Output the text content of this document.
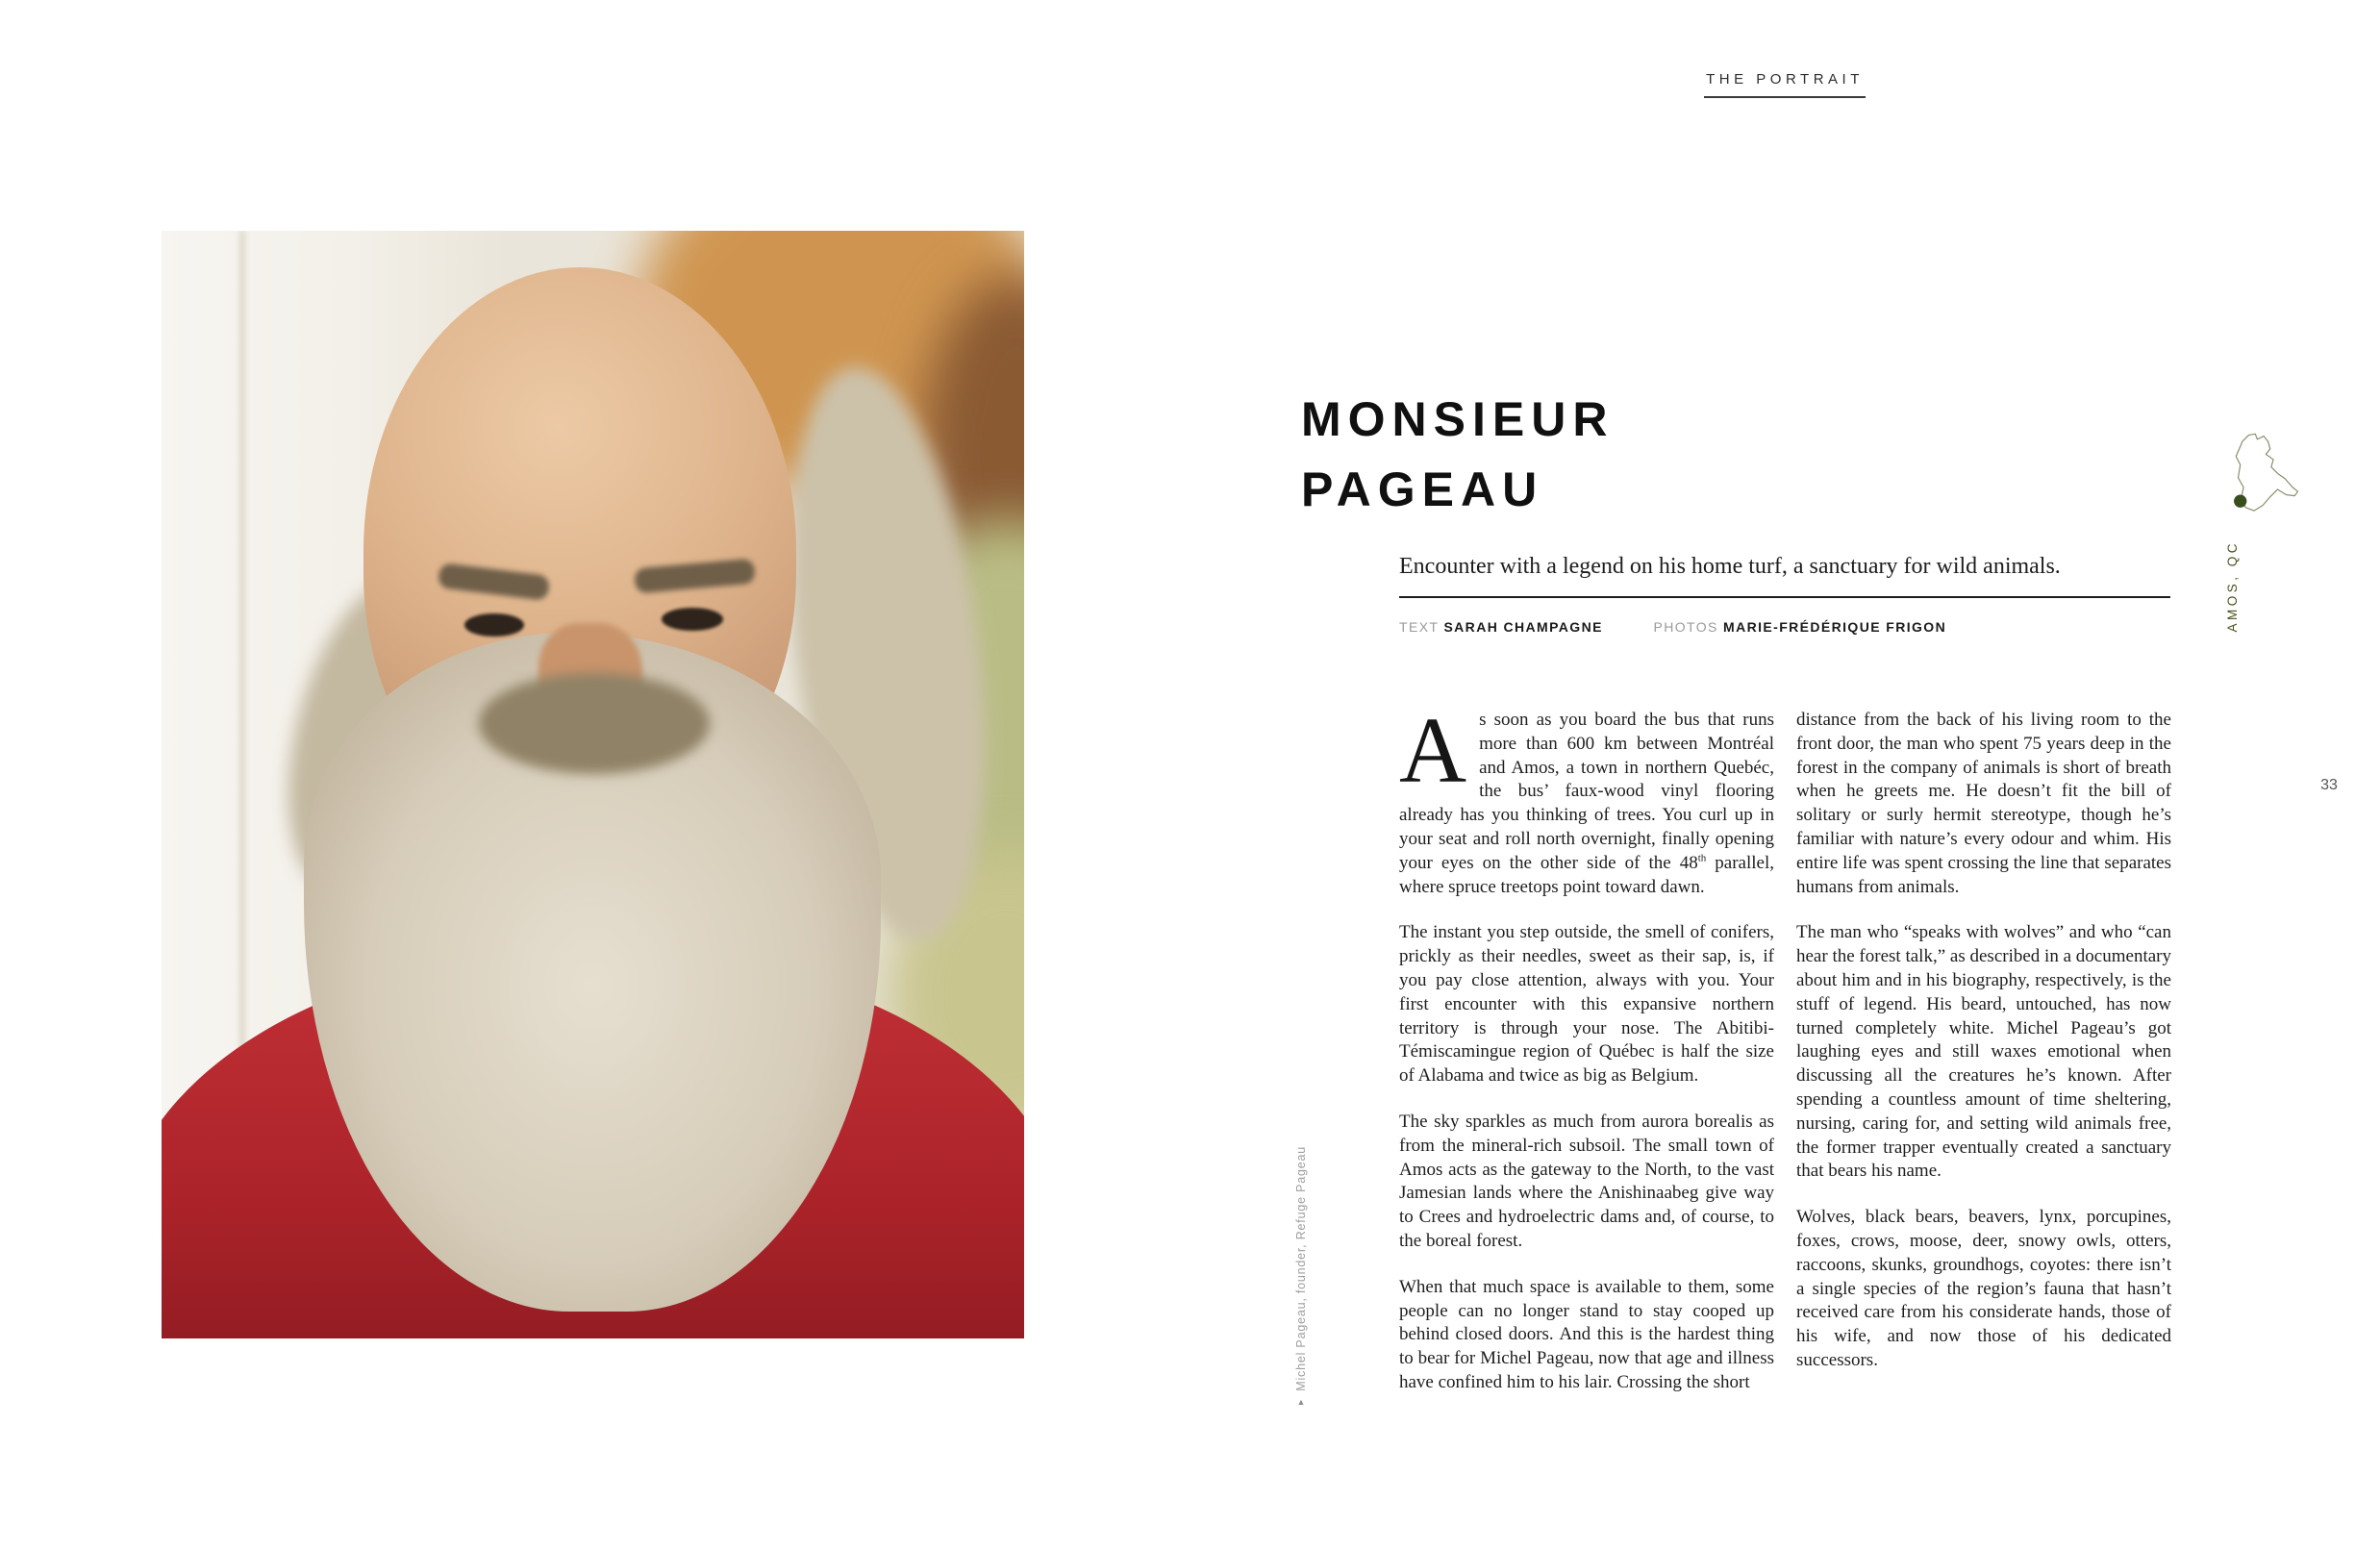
Michel Pageau, founder, Refuge Pageau
▲
THE PORTRAIT
MONSIEUR
PAGEAU

Encounter with a legend on his home turf, a sanctuary for wild animals.

TEXT SARAH CHAMPAGNE	PHOTOS MARIE-FRÉDÉRIQUE FRIGON

As soon as you board the bus that runs more than 600 km between Montréal and Amos, a town in northern Quebéc, the bus’ faux-wood vinyl flooring already has you thinking of trees. You curl up in your seat and roll north overnight, finally opening your eyes on the other side of the 48th parallel, where spruce treetops point toward dawn.

The instant you step outside, the smell of conifers, prickly as their needles, sweet as their sap, is, if you pay close attention, always with you. Your first encounter with this expansive northern territory is through your nose. The Abitibi-Témiscamingue region of Québec is half the size of Alabama and twice as big as Belgium.

The sky sparkles as much from aurora borealis as from the mineral-rich subsoil. The small town of Amos acts as the gateway to the North, to the vast Jamesian lands where the Anishinaabeg give way to Crees and hydroelectric dams and, of course, to the boreal forest.

When that much space is available to them, some people can no longer stand to stay cooped up behind closed doors. And this is the hardest thing to bear for Michel Pageau, now that age and illness have confined him to his lair. Crossing the short

distance from the back of his living room to the front door, the man who spent 75 years deep in the forest in the company of animals is short of breath when he greets me. He doesn’t fit the bill of solitary or surly hermit stereotype, though he’s familiar with nature’s every odour and whim. His entire life was spent crossing the line that separates humans from animals.

The man who “speaks with wolves” and who “can hear the forest talk,” as described in a documentary about him and in his biography, respectively, is the stuff of legend. His beard, untouched, has now turned completely white. Michel Pageau’s got laughing eyes and still waxes emotional when discussing all the creatures he’s known. After spending a countless amount of time sheltering, nursing, caring for, and setting wild animals free, the former trapper eventually created a sanctuary that bears his name.

Wolves, black bears, beavers, lynx, porcupines, foxes, crows, moose, deer, snowy owls, otters, raccoons, skunks, groundhogs, coyotes: there isn’t a single species of the region’s fauna that hasn’t received care from his considerate hands, those of his wife, and now those of his dedicated successors.

AMOS, QC
33
